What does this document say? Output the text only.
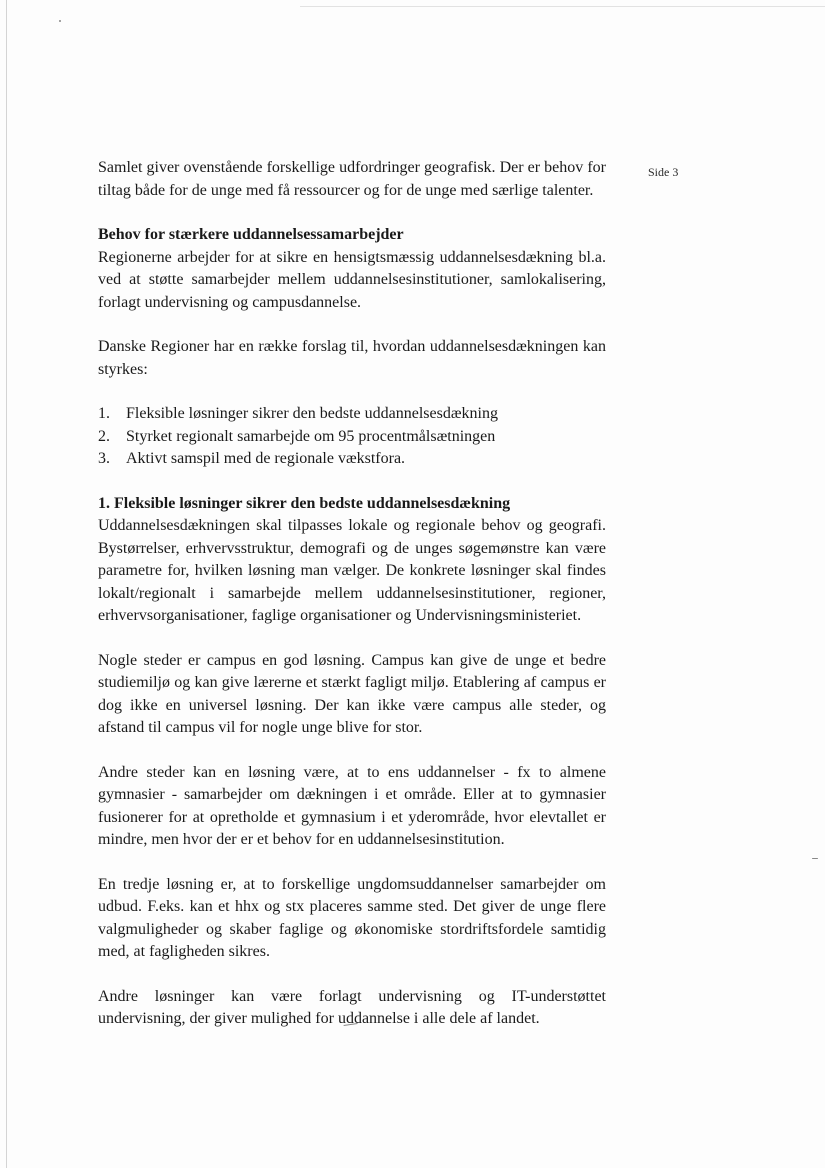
Side 3

Samlet giver ovenstående forskellige udfordringer geografisk. Der er behov for tiltag både for de unge med få ressourcer og for de unge med særlige talenter.

Behov for stærkere uddannelsessamarbejder

Regionerne arbejder for at sikre en hensigtsmæssig uddannelsesdækning bl.a. ved at støtte samarbejder mellem uddannelsesinstitutioner, samlokalisering, forlagt undervisning og campusdannelse.

Danske Regioner har en række forslag til, hvordan uddannelsesdækningen kan styrkes:

1.	Fleksible løsninger sikrer den bedste uddannelsesdækning
2.	Styrket regionalt samarbejde om 95 procentmålsætningen
3.	Aktivt samspil med de regionale vækstfora.

1. Fleksible løsninger sikrer den bedste uddannelsesdækning

Uddannelsesdækningen skal tilpasses lokale og regionale behov og geografi. Bystørrelser, erhvervsstruktur, demografi og de unges søgemønstre kan være parametre for, hvilken løsning man vælger. De konkrete løsninger skal findes lokalt/regionalt i samarbejde mellem uddannelsesinstitutioner, regioner, erhvervsorganisationer, faglige organisationer og Undervisningsministeriet.

Nogle steder er campus en god løsning. Campus kan give de unge et bedre studiemiljø og kan give lærerne et stærkt fagligt miljø. Etablering af campus er dog ikke en universel løsning. Der kan ikke være campus alle steder, og afstand til campus vil for nogle unge blive for stor.

Andre steder kan en løsning være, at to ens uddannelser - fx to almene gymnasier - samarbejder om dækningen i et område. Eller at to gymnasier fusionerer for at opretholde et gymnasium i et yderområde, hvor elevtallet er mindre, men hvor der er et behov for en uddannelsesinstitution.

En tredje løsning er, at to forskellige ungdomsuddannelser samarbejder om udbud. F.eks. kan et hhx og stx placeres samme sted. Det giver de unge flere valgmuligheder og skaber faglige og økonomiske stordriftsfordele samtidig med, at fagligheden sikres.

Andre løsninger kan være forlagt undervisning og IT-understøttet undervisning, der giver mulighed for uddannelse i alle dele af landet.
